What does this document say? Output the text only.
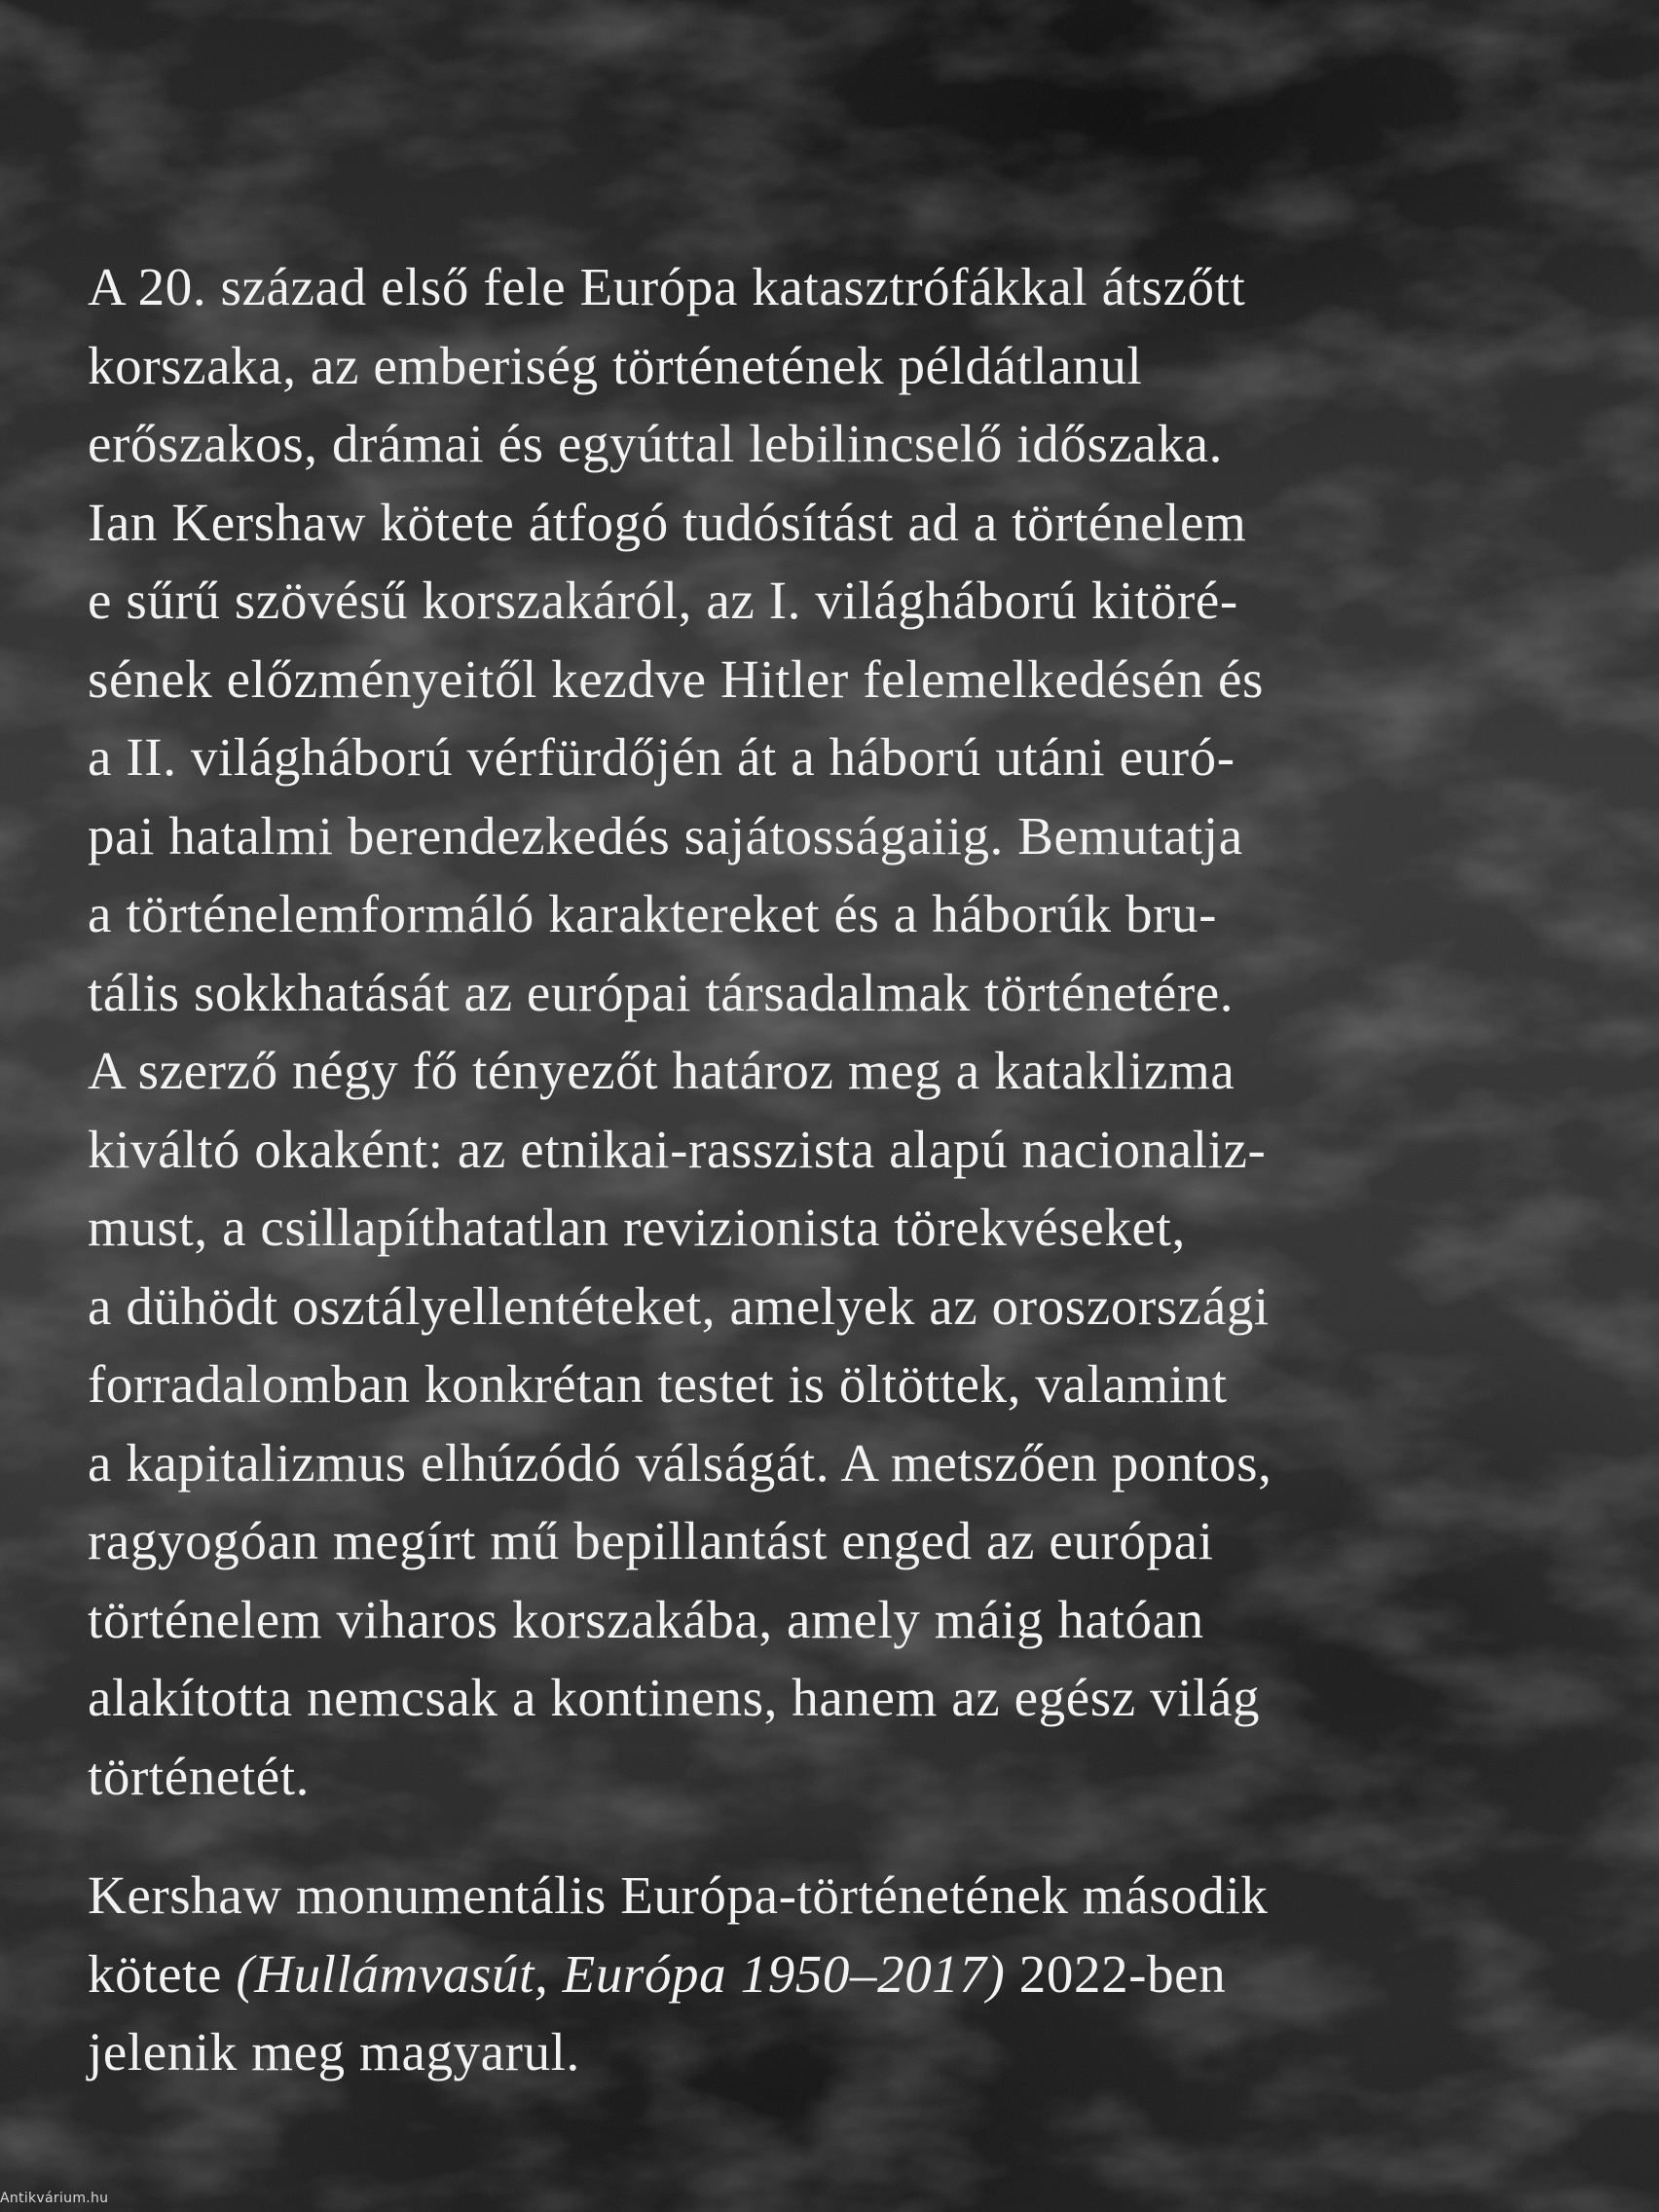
A 20. század első fele Európa katasztrófákkal átszőtt
korszaka, az emberiség történetének példátlanul
erőszakos, drámai és egyúttal lebilincselő időszaka.
Ian Kershaw kötete átfogó tudósítást ad a történelem
e sűrű szövésű korszakáról, az I. világháború kitöré-
sének előzményeitől kezdve Hitler felemelkedésén és
a II. világháború vérfürdőjén át a háború utáni euró-
pai hatalmi berendezkedés sajátosságaiig. Bemutatja
a történelemformáló karaktereket és a háborúk bru-
tális sokkhatását az európai társadalmak történetére.
A szerző négy fő tényezőt határoz meg a kataklizma
kiváltó okaként: az etnikai-rasszista alapú nacionaliz-
must, a csillapíthatatlan revizionista törekvéseket,
a dühödt osztályellentéteket, amelyek az oroszországi
forradalomban konkrétan testet is öltöttek, valamint
a kapitalizmus elhúzódó válságát. A metszően pontos,
ragyogóan megírt mű bepillantást enged az európai
történelem viharos korszakába, amely máig hatóan
alakította nemcsak a kontinens, hanem az egész világ
történetét.
Kershaw monumentális Európa-történetének második
kötete (Hullámvasút, Európa 1950–2017) 2022-ben
jelenik meg magyarul.
Antikvárium.hu
